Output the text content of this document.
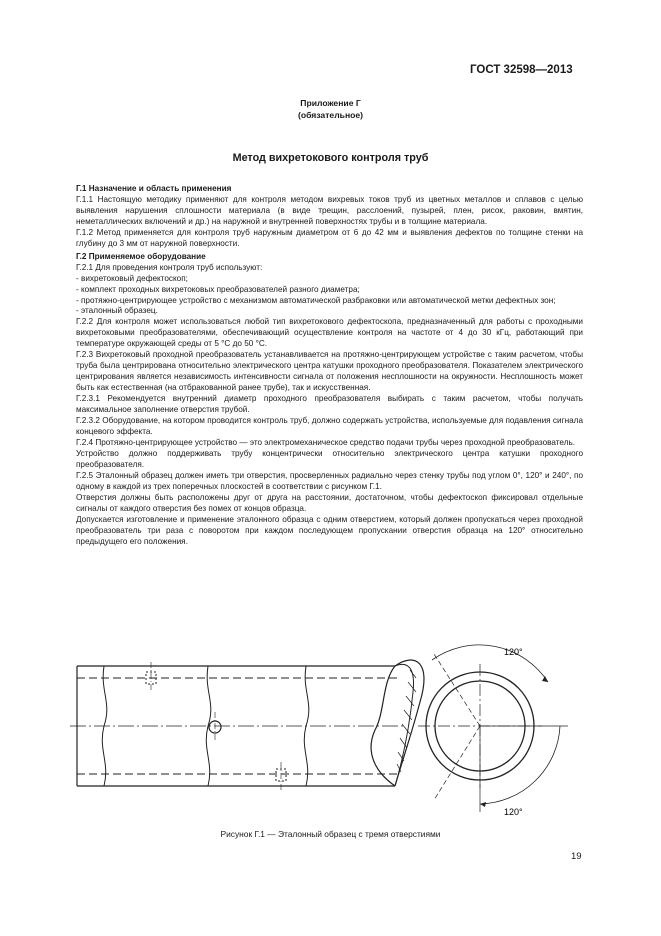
ГОСТ 32598—2013
Приложение Г
(обязательное)
Метод вихретокового контроля труб

Г.1 Назначение и область применения

Г.1.1 Настоящую методику применяют для контроля методом вихревых токов труб из цветных металлов и сплавов с целью выявления нарушения сплошности материала (в виде трещин, расслоений, пузырей, плен, рисок, раковин, вмятин, неметаллических включений и др.) на наружной и внутренней поверхностях трубы и в толщине материала.

Г.1.2 Метод применяется для контроля труб наружным диаметром от 6 до 42 мм и выявления дефектов по толщине стенки на глубину до 3 мм от наружной поверхности.

Г.2 Применяемое оборудование

Г.2.1 Для проведения контроля труб используют:

- вихретоковый дефектоскоп;

- комплект проходных вихретоковых преобразователей разного диаметра;

- протяжно-центрирующее устройство с механизмом автоматической разбраковки или автоматической метки дефектных зон;

- эталонный образец.

Г.2.2 Для контроля может использоваться любой тип вихретокового дефектоскопа, предназначенный для работы с проходными вихретоковыми преобразователями, обеспечивающий осуществление контроля на частоте от 4 до 30 кГц, работающий при температуре окружающей среды от 5 °С до 50 °С.

Г.2.3 Вихретоковый проходной преобразователь устанавливается на протяжно-центрирующем устройстве с таким расчетом, чтобы труба была центрирована относительно электрического центра катушки проходного преобразователя. Показателем электрического центрирования является независимость интенсивности сигнала от положения несплошности на окружности. Несплошность может быть как естественная (на отбракованной ранее трубе), так и искусственная.

Г.2.3.1 Рекомендуется внутренний диаметр проходного преобразователя выбирать с таким расчетом, чтобы получать максимальное заполнение отверстия трубой.

Г.2.3.2 Оборудование, на котором проводится контроль труб, должно содержать устройства, используемые для подавления сигнала концевого эффекта.

Г.2.4 Протяжно-центрирующее устройство — это электромеханическое средство подачи трубы через проходной преобразователь.

Устройство должно поддерживать трубу концентрически относительно электрического центра катушки проходного преобразователя.

Г.2.5 Эталонный образец должен иметь три отверстия, просверленных радиально через стенку трубы под углом 0°, 120° и 240°, по одному в каждой из трех поперечных плоскостей в соответствии с рисунком Г.1.

Отверстия должны быть расположены друг от друга на расстоянии, достаточном, чтобы дефектоскоп фиксировал отдельные сигналы от каждого отверстия без помех от концов образца.

Допускается изготовление и применение эталонного образца с одним отверстием, который должен пропускаться через проходной преобразователь три раза с поворотом при каждом последующем пропускании отверстия образца на 120° относительно предыдущего его положения.

120°
120°
Рисунок Г.1 — Эталонный образец с тремя отверстиями
19
